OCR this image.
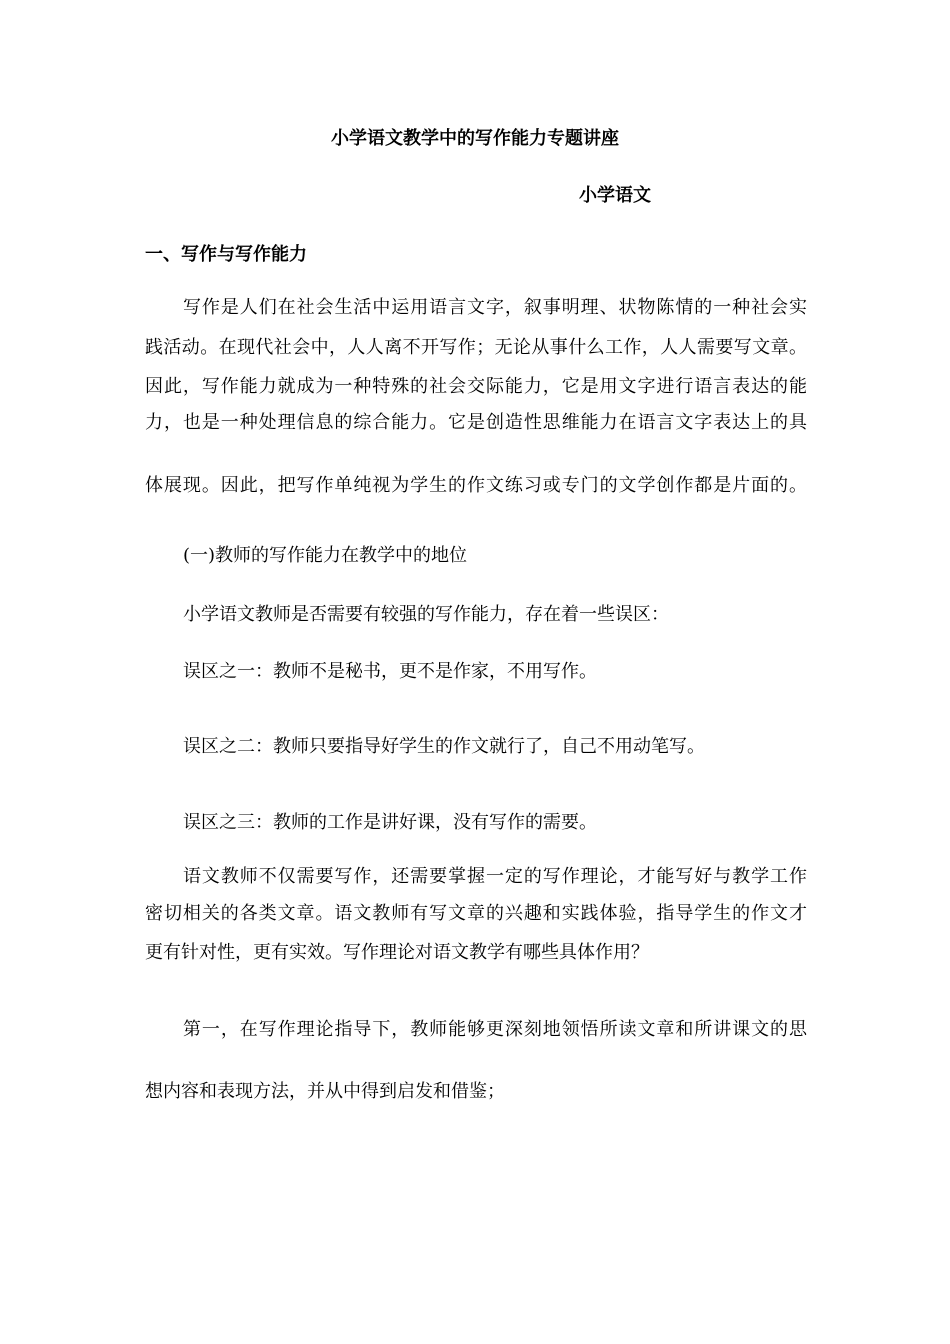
小学语文教学中的写作能力专题讲座
小学语文
一、写作与写作能力
写作是人们在社会生活中运用语言文字，叙事明理、状物陈情的一种社会实
践活动。在现代社会中，人人离不开写作；无论从事什么工作，人人需要写文章。
因此，写作能力就成为一种特殊的社会交际能力，它是用文字进行语言表达的能
力，也是一种处理信息的综合能力。它是创造性思维能力在语言文字表达上的具
体展现。因此，把写作单纯视为学生的作文练习或专门的文学创作都是片面的。
(一)教师的写作能力在教学中的地位
小学语文教师是否需要有较强的写作能力，存在着一些误区：
误区之一：教师不是秘书，更不是作家，不用写作。
误区之二：教师只要指导好学生的作文就行了，自己不用动笔写。
误区之三：教师的工作是讲好课，没有写作的需要。
语文教师不仅需要写作，还需要掌握一定的写作理论，才能写好与教学工作
密切相关的各类文章。语文教师有写文章的兴趣和实践体验，指导学生的作文才
更有针对性，更有实效。写作理论对语文教学有哪些具体作用？
第一，在写作理论指导下，教师能够更深刻地领悟所读文章和所讲课文的思
想内容和表现方法，并从中得到启发和借鉴；
